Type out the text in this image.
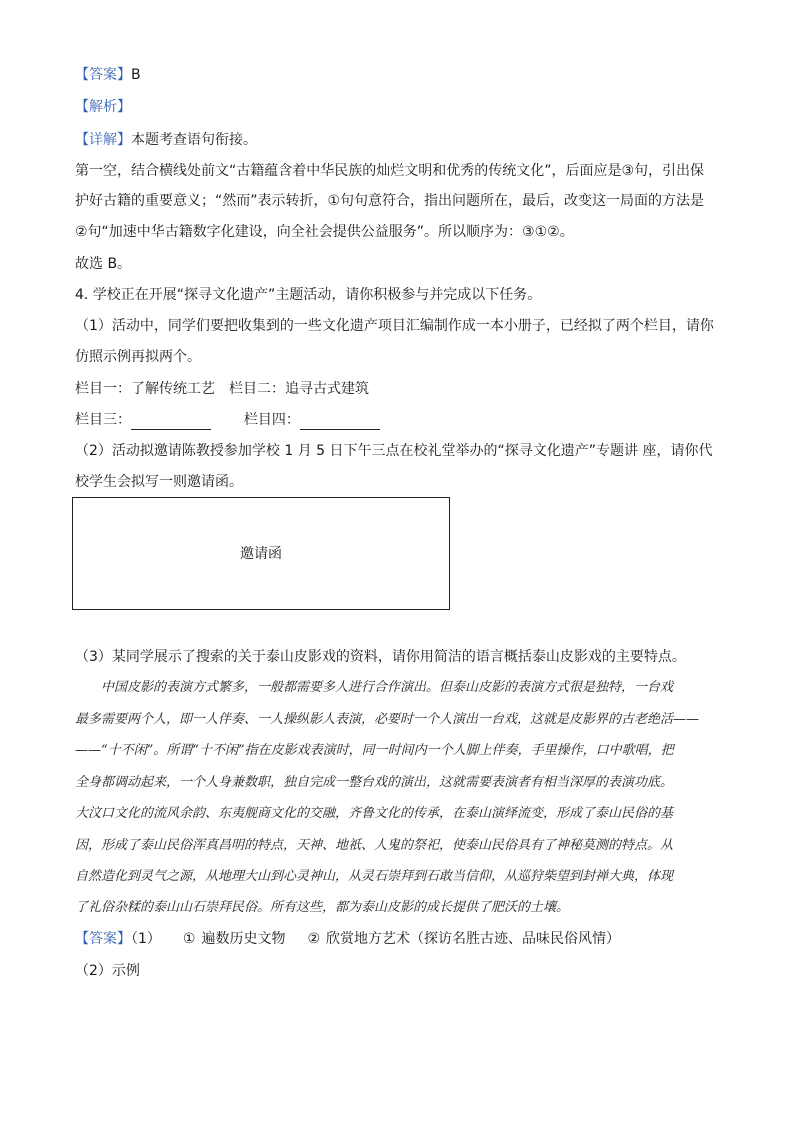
【答案】B
【解析】
【详解】本题考查语句衔接。
第一空，结合横线处前文“古籍蕴含着中华民族的灿烂文明和优秀的传统文化”，后面应是③句，引出保
护好古籍的重要意义；“然而”表示转折，①句句意符合，指出问题所在，最后，改变这一局面的方法是
②句“加速中华古籍数字化建设，向全社会提供公益服务”。所以顺序为：③①②。
故选 B。
4. 学校正在开展“探寻文化遗产”主题活动，请你积极参与并完成以下任务。
（1）活动中，同学们要把收集到的一些文化遗产项目汇编制作成一本小册子，已经拟了两个栏目，请你
仿照示例再拟两个。
栏目一：了解传统工艺　栏目二：追寻古式建筑
栏目三：	栏目四：
（2）活动拟邀请陈教授参加学校 1 月 5 日下午三点在校礼堂举办的“探寻文化遗产”专题讲 座，请你代
校学生会拟写一则邀请函。
邀请函
（3）某同学展示了搜索的关于泰山皮影戏的资料，请你用简洁的语言概括泰山皮影戏的主要特点。
　　中国皮影的表演方式繁多，一般都需要多人进行合作演出。但泰山皮影的表演方式很是独特，一台戏
最多需要两个人，即一人伴奏、一人操纵影人表演，必要时一个人演出一台戏，这就是皮影界的古老绝活——
——“十不闲”。所谓“十不闲”指在皮影戏表演时，同一时间内一个人脚上伴奏，手里操作，口中歌唱，把
全身都调动起来，一个人身兼数职，独自完成一整台戏的演出，这就需要表演者有相当深厚的表演功底。
大汶口文化的流风余韵、东夷舰商文化的交融，齐鲁文化的传承，在泰山演绎流变，形成了泰山民俗的基
因，形成了泰山民俗浑真昌明的特点，天神、地祇、人鬼的祭祀，使泰山民俗具有了神秘莫测的特点。从
自然造化到灵气之源，从地理大山到心灵神山，从灵石崇拜到石敢当信仰，从巡狩柴望到封禅大典，体现
了礼俗杂糅的泰山山石崇拜民俗。所有这些，都为泰山皮影的成长提供了肥沃的土壤。
【答案】（1） ① 遍数历史文物 ② 欣赏地方艺术（探访名胜古迹、品味民俗风情）
（2）示例
